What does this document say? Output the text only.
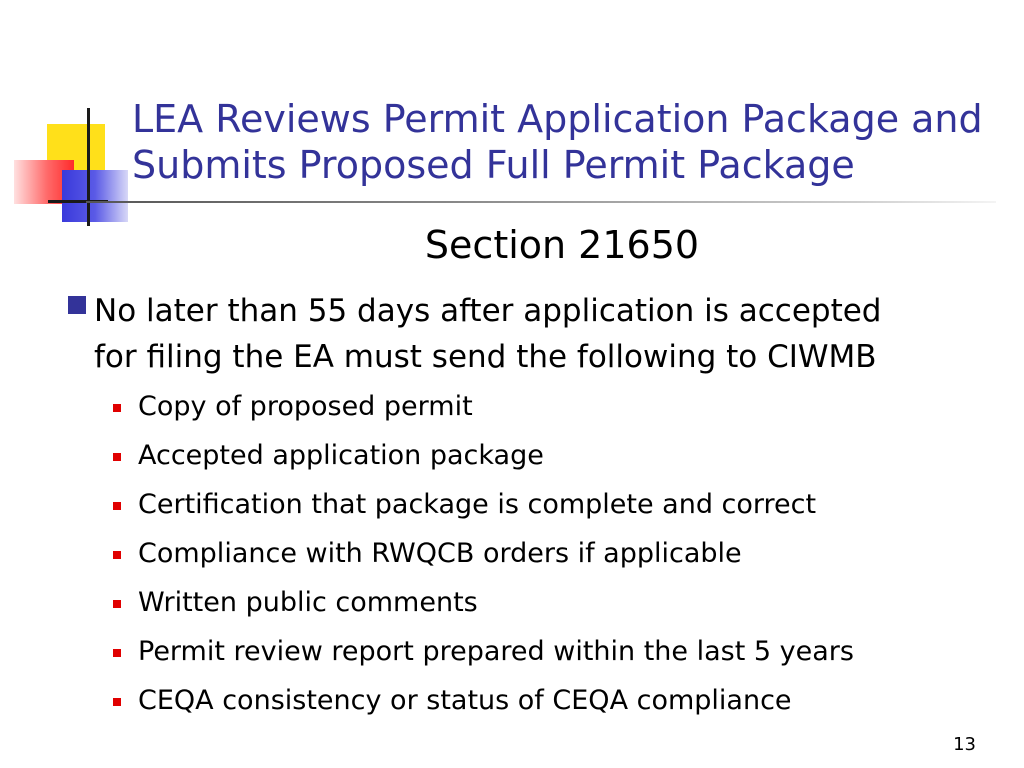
LEA Reviews Permit Application Package and
Submits Proposed Full Permit Package
Section 21650
No later than 55 days after application is accepted
for filing the EA must send the following to CIWMB
Copy of proposed permit
Accepted application package
Certification that package is complete and correct
Compliance with RWQCB orders if applicable
Written public comments
Permit review report prepared within the last 5 years
CEQA consistency or status of CEQA compliance
13
